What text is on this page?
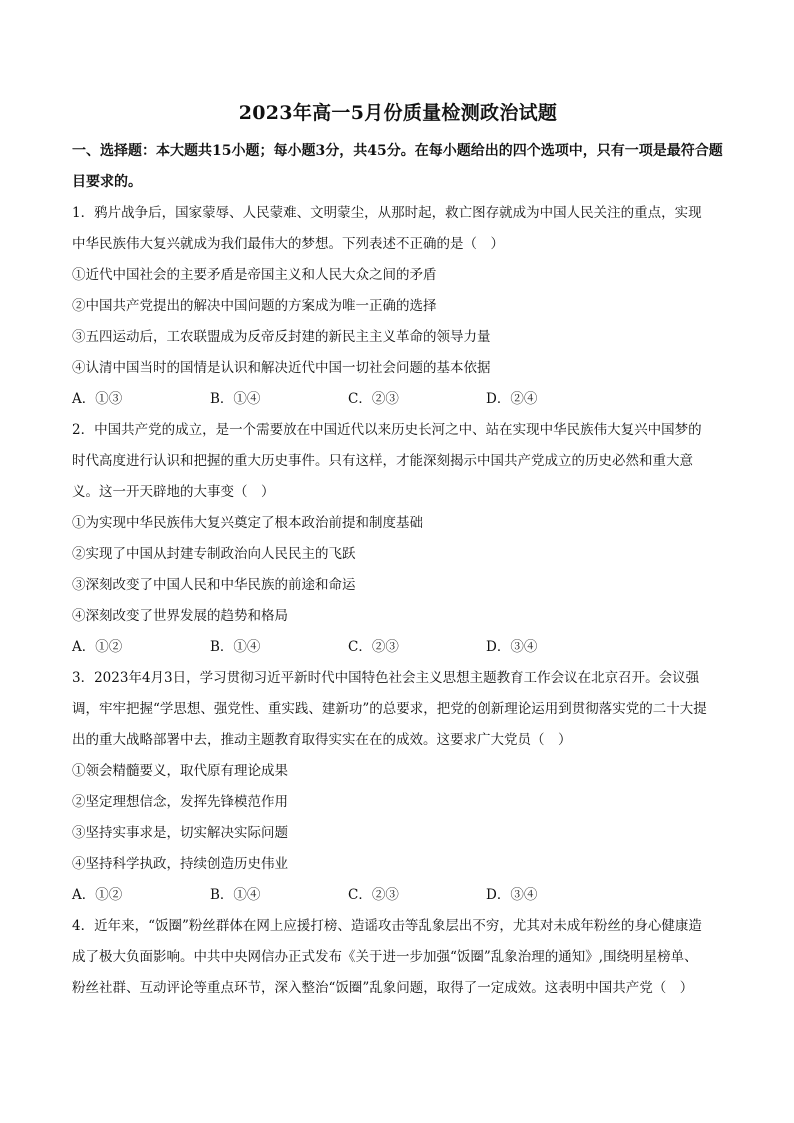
2023年高一5月份质量检测政治试题

一、选择题：本大题共15小题；每小题3分，共45分。在每小题给出的四个选项中，只有一项是最符合题目要求的。

1．鸦片战争后，国家蒙辱、人民蒙难、文明蒙尘，从那时起，救亡图存就成为中国人民关注的重点，实现

中华民族伟大复兴就成为我们最伟大的梦想。下列表述不正确的是（　）

①近代中国社会的主要矛盾是帝国主义和人民大众之间的矛盾

②中国共产党提出的解决中国问题的方案成为唯一正确的选择

③五四运动后，工农联盟成为反帝反封建的新民主主义革命的领导力量

④认清中国当时的国情是认识和解决近代中国一切社会问题的基本依据

A．①③	B．①④	C．②③	D．②④

2．中国共产党的成立，是一个需要放在中国近代以来历史长河之中、站在实现中华民族伟大复兴中国梦的

时代高度进行认识和把握的重大历史事件。只有这样，才能深刻揭示中国共产党成立的历史必然和重大意

义。这一开天辟地的大事变（　）

①为实现中华民族伟大复兴奠定了根本政治前提和制度基础

②实现了中国从封建专制政治向人民民主的飞跃

③深刻改变了中国人民和中华民族的前途和命运

④深刻改变了世界发展的趋势和格局

A．①②	B．①④	C．②③	D．③④

3．2023年4月3日，学习贯彻习近平新时代中国特色社会主义思想主题教育工作会议在北京召开。会议强

调，牢牢把握“学思想、强党性、重实践、建新功”的总要求，把党的创新理论运用到贯彻落实党的二十大提

出的重大战略部署中去，推动主题教育取得实实在在的成效。这要求广大党员（　）

①领会精髓要义，取代原有理论成果

②坚定理想信念，发挥先锋模范作用

③坚持实事求是，切实解决实际问题

④坚持科学执政，持续创造历史伟业

A．①②	B．①④	C．②③	D．③④

4．近年来，“饭圈”粉丝群体在网上应援打榜、造谣攻击等乱象层出不穷，尤其对未成年粉丝的身心健康造

成了极大负面影响。中共中央网信办正式发布《关于进一步加强“饭圈”乱象治理的通知》,围绕明星榜单、

粉丝社群、互动评论等重点环节，深入整治“饭圈”乱象问题，取得了一定成效。这表明中国共产党（　）
